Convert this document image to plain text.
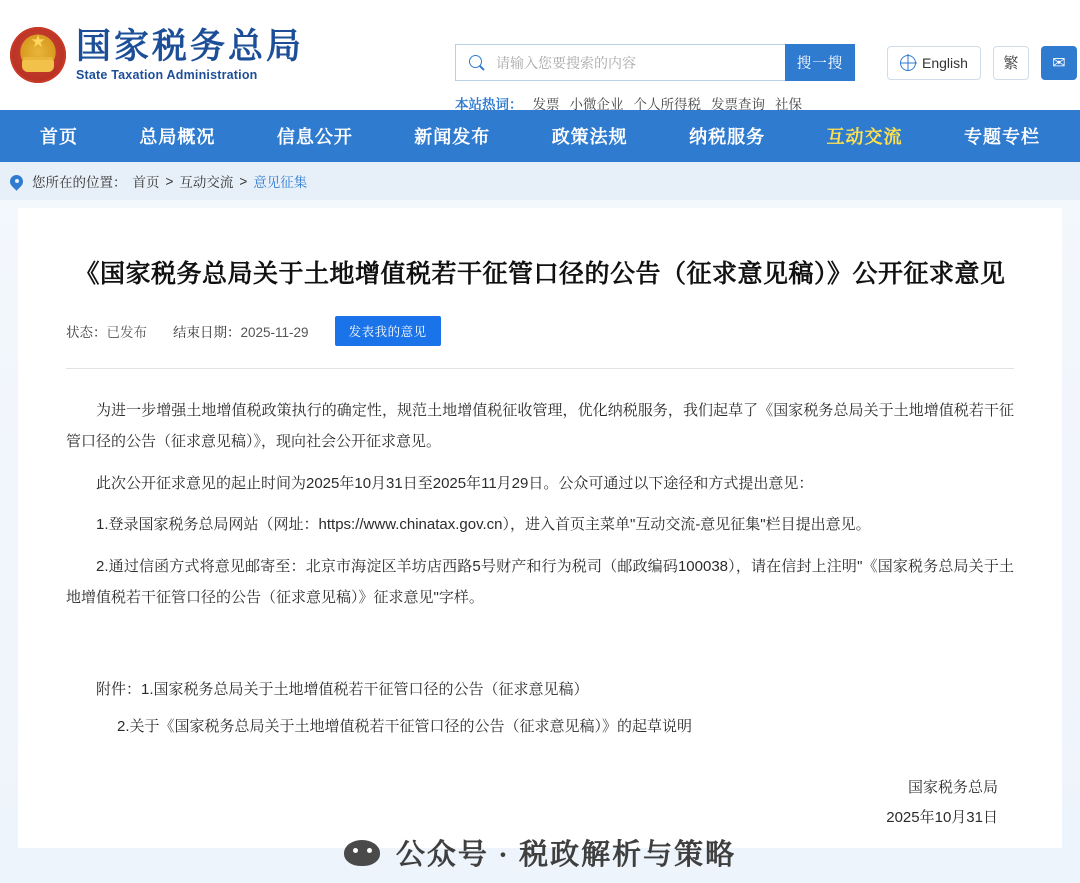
★
国家税务总局
State Taxation Administration
请输入您要搜索的内容
搜一搜	English	繁	✉
本站热词： 发票 小微企业 个人所得税 发票查询 社保
首页	总局概况	信息公开	新闻发布	政策法规	纳税服务	互动交流	专题专栏
您所在的位置： 首页 > 互动交流 > 意见征集
《国家税务总局关于土地增值税若干征管口径的公告（征求意见稿）》公开征求意见
状态：已发布 结束日期：2025-11-29	发表我的意见

为进一步增强土地增值税政策执行的确定性，规范土地增值税征收管理，优化纳税服务，我们起草了《国家税务总局关于土地增值税若干征管口径的公告（征求意见稿）》，现向社会公开征求意见。

此次公开征求意见的起止时间为2025年10月31日至2025年11月29日。公众可通过以下途径和方式提出意见：

1.登录国家税务总局网站（网址：https://www.chinatax.gov.cn），进入首页主菜单"互动交流-意见征集"栏目提出意见。

2.通过信函方式将意见邮寄至：北京市海淀区羊坊店西路5号财产和行为税司（邮政编码100038），请在信封上注明"《国家税务总局关于土地增值税若干征管口径的公告（征求意见稿）》征求意见"字样。

附件：1.国家税务总局关于土地增值税若干征管口径的公告（征求意见稿）

2.关于《国家税务总局关于土地增值税若干征管口径的公告（征求意见稿）》的起草说明

国家税务总局
2025年10月31日
公众号 · 税政解析与策略
